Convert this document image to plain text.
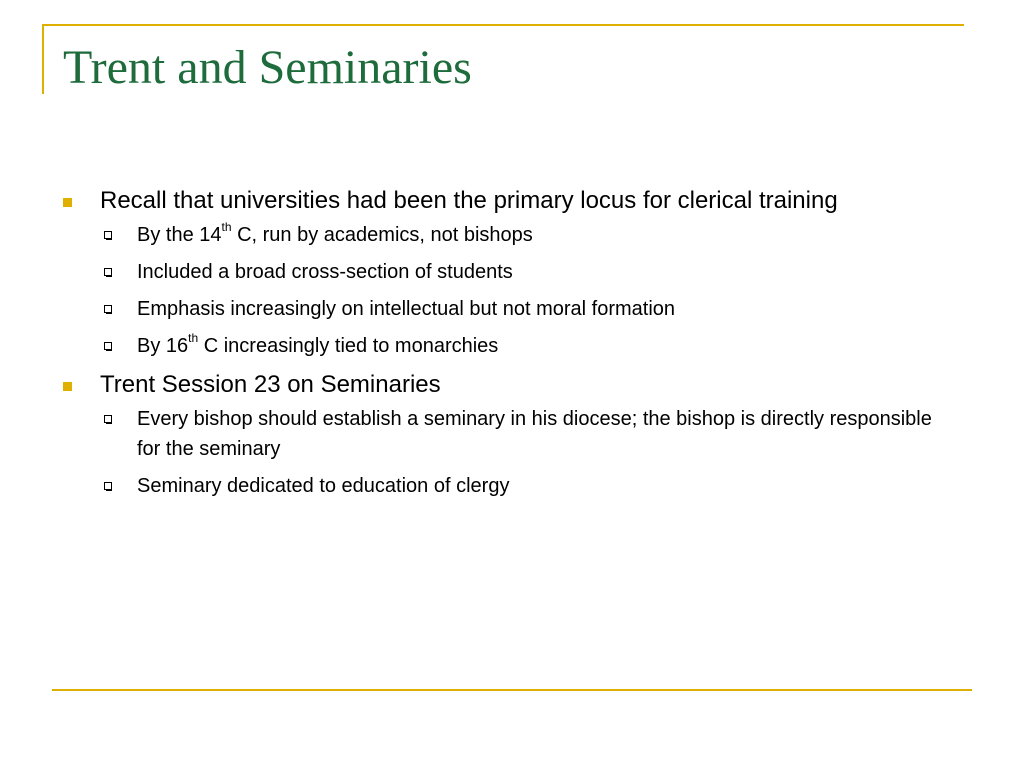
Trent and Seminaries
Recall that universities had been the primary locus for clerical training
By the 14th C, run by academics, not bishops
Included a broad cross-section of students
Emphasis increasingly on intellectual but not moral formation
By 16th C increasingly tied to monarchies
Trent Session 23 on Seminaries
Every bishop should establish a seminary in his diocese; the bishop is directly responsible for the seminary
Seminary dedicated to education of clergy
